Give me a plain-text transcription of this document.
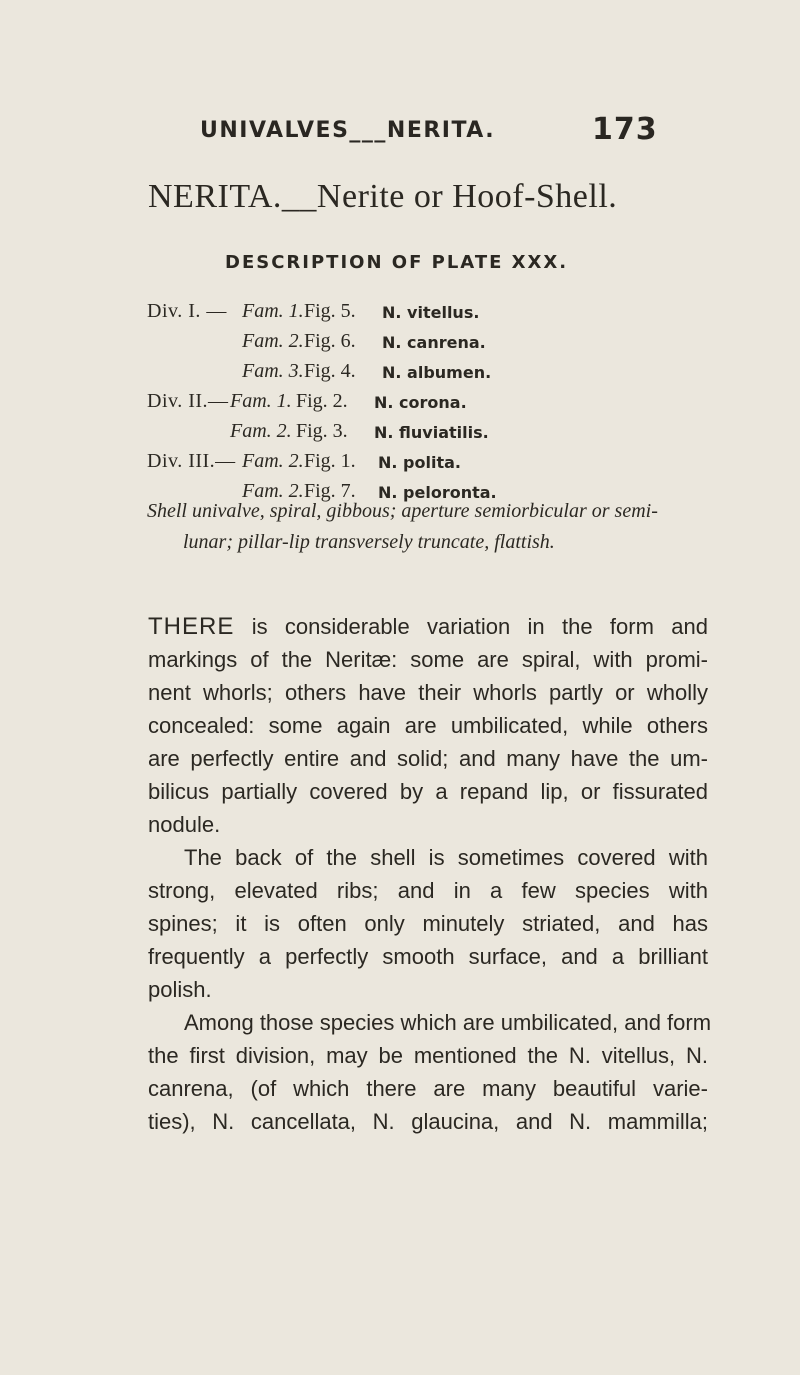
UNIVALVES___NERITA.	173
NERITA.__Nerite or Hoof-Shell.
DESCRIPTION OF PLATE XXX.
Div. I. — Fam. 1. Fig. 5. N. vitellus.
Fam. 2. Fig. 6. N. canrena.
Fam. 3. Fig. 4. N. albumen.
Div. II.— Fam. 1. Fig. 2. N. corona.
Fam. 2. Fig. 3. N. fluviatilis.
Div. III.— Fam. 2. Fig. 1. N. polita.
Fam. 2. Fig. 7. N. peloronta.
Shell univalve, spiral, gibbous; aperture semiorbicular or semi-
lunar; pillar-lip transversely truncate, flattish.
THERE is considerable variation in the form and
markings of the Neritæ: some are spiral, with promi-
nent whorls; others have their whorls partly or wholly
concealed: some again are umbilicated, while others
are perfectly entire and solid; and many have the um-
bilicus partially covered by a repand lip, or fissurated
nodule.
The back of the shell is sometimes covered with
strong, elevated ribs; and in a few species with
spines; it is often only minutely striated, and has
frequently a perfectly smooth surface, and a brilliant
polish.
Among those species which are umbilicated, and form
the first division, may be mentioned the N. vitellus, N.
canrena, (of which there are many beautiful varie-
ties), N. cancellata, N. glaucina, and N. mammilla;
